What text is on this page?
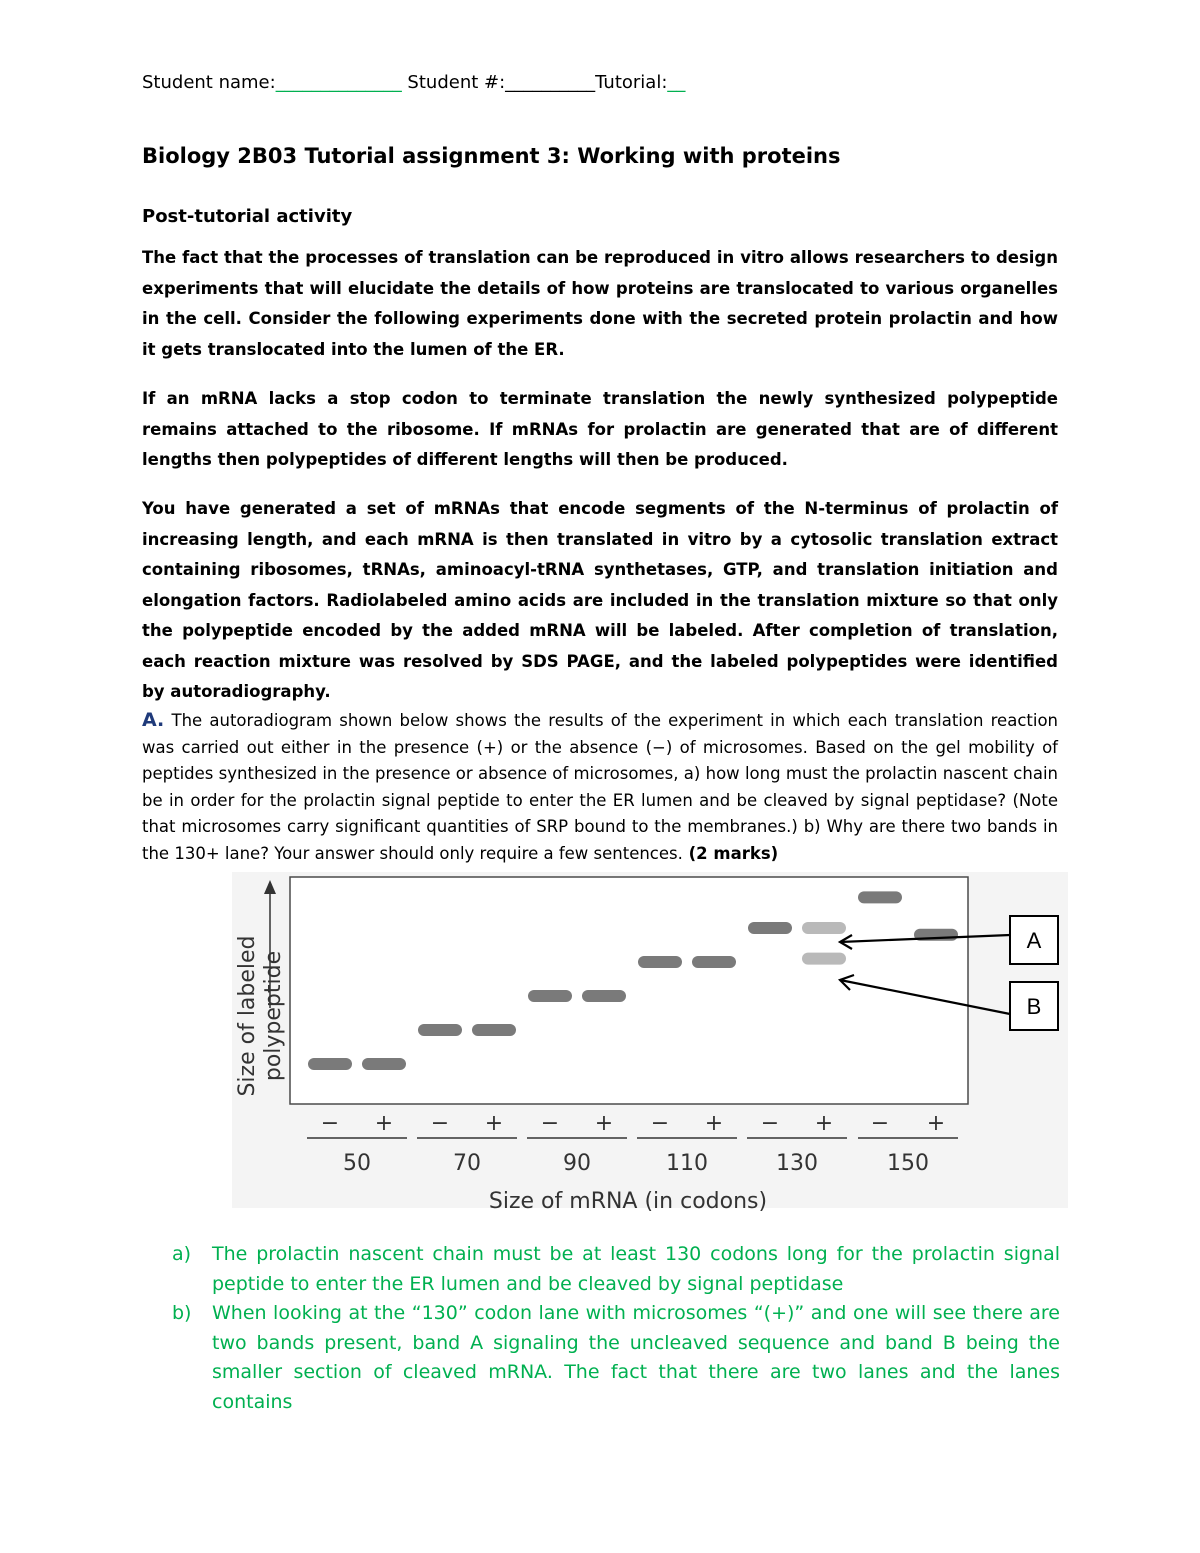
Student name:______________ Student #:__________Tutorial:__
Biology 2B03 Tutorial assignment 3: Working with proteins
Post-tutorial activity
The fact that the processes of translation can be reproduced in vitro allows researchers to design experiments that will elucidate the details of how proteins are translocated to various organelles in the cell. Consider the following experiments done with the secreted protein prolactin and how it gets translocated into the lumen of the ER.
If an mRNA lacks a stop codon to terminate translation the newly synthesized polypeptide remains attached to the ribosome. If mRNAs for prolactin are generated that are of different lengths then polypeptides of different lengths will then be produced.
You have generated a set of mRNAs that encode segments of the N-terminus of prolactin of increasing length, and each mRNA is then translated in vitro by a cytosolic translation extract containing ribosomes, tRNAs, aminoacyl-tRNA synthetases, GTP, and translation initiation and elongation factors. Radiolabeled amino acids are included in the translation mixture so that only the polypeptide encoded by the added mRNA will be labeled. After completion of translation, each reaction mixture was resolved by SDS PAGE, and the labeled polypeptides were identified by autoradiography.
A. The autoradiogram shown below shows the results of the experiment in which each translation reaction was carried out either in the presence (+) or the absence (−) of microsomes. Based on the gel mobility of peptides synthesized in the presence or absence of microsomes, a) how long must the prolactin nascent chain be in order for the prolactin signal peptide to enter the ER lumen and be cleaved by signal peptidase? (Note that microsomes carry significant quantities of SRP bound to the membranes.) b) Why are there two bands in the 130+ lane? Your answer should only require a few sentences. (2 marks)
Size of labeled polypeptide
− + − + − + − + − + − +
50	70	90	110	130	150
Size of mRNA (in codons)
A
B
a) The prolactin nascent chain must be at least 130 codons long for the prolactin signal peptide to enter the ER lumen and be cleaved by signal peptidase
b) When looking at the “130” codon lane with microsomes “(+)” and one will see there are two bands present, band A signaling the uncleaved sequence and band B being the smaller section of cleaved mRNA. The fact that there are two lanes and the lanes contains
